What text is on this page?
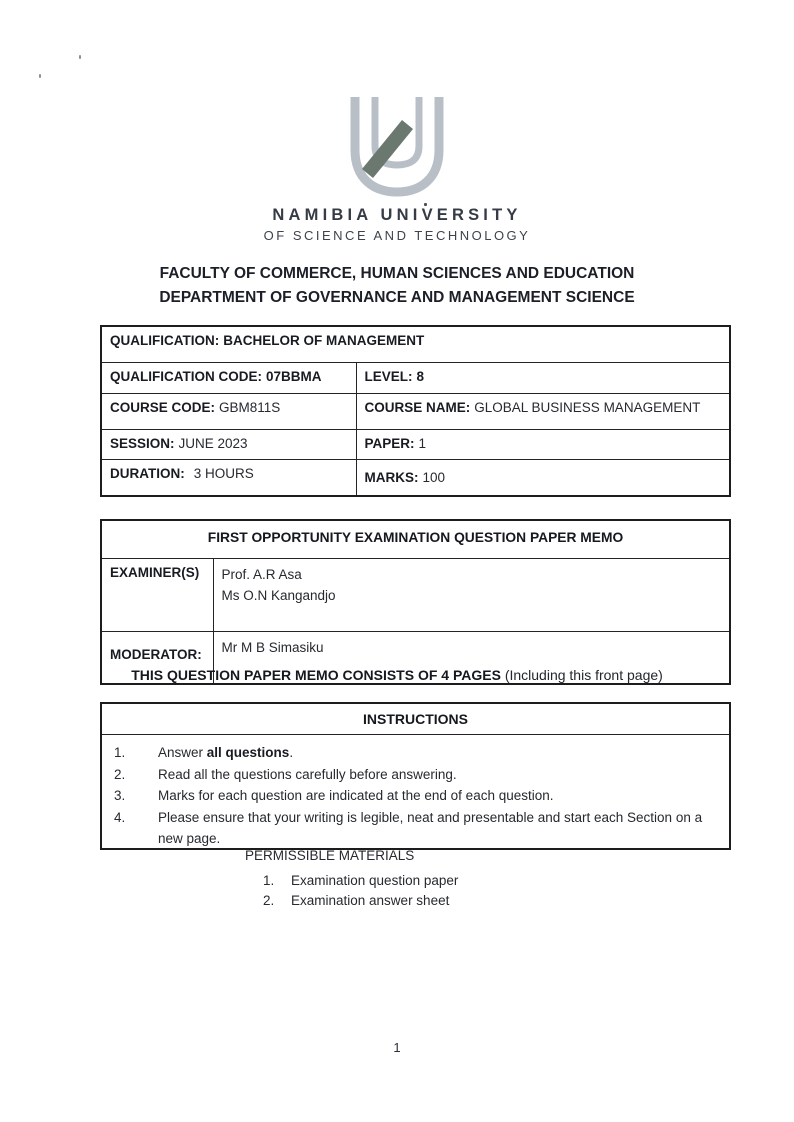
NAMIBIA UNIVERSITY
OF SCIENCE AND TECHNOLOGY
FACULTY OF COMMERCE, HUMAN SCIENCES AND EDUCATION
DEPARTMENT OF GOVERNANCE AND MANAGEMENT SCIENCE
QUALIFICATION: BACHELOR OF MANAGEMENT	
QUALIFICATION CODE: 07BBMA	LEVEL: 8
COURSE CODE: GBM811S	COURSE NAME: GLOBAL BUSINESS MANAGEMENT
SESSION: JUNE 2023	PAPER: 1
DURATION: 3 HOURS	MARKS: 100
FIRST OPPORTUNITY EXAMINATION QUESTION PAPER MEMO	
EXAMINER(S)	Prof. A.R Asa
Ms O.N Kangandjo

MODERATOR:	Mr M B Simasiku
THIS QUESTION PAPER MEMO CONSISTS OF 4 PAGES (Including this front page)
INSTRUCTIONS
1.	Answer all questions.
2.	Read all the questions carefully before answering.
3.	Marks for each question are indicated at the end of each question.
4.	Please ensure that your writing is legible, neat and presentable and start each Section on a new page.
PERMISSIBLE MATERIALS
1.	Examination question paper
2.	Examination answer sheet
1
